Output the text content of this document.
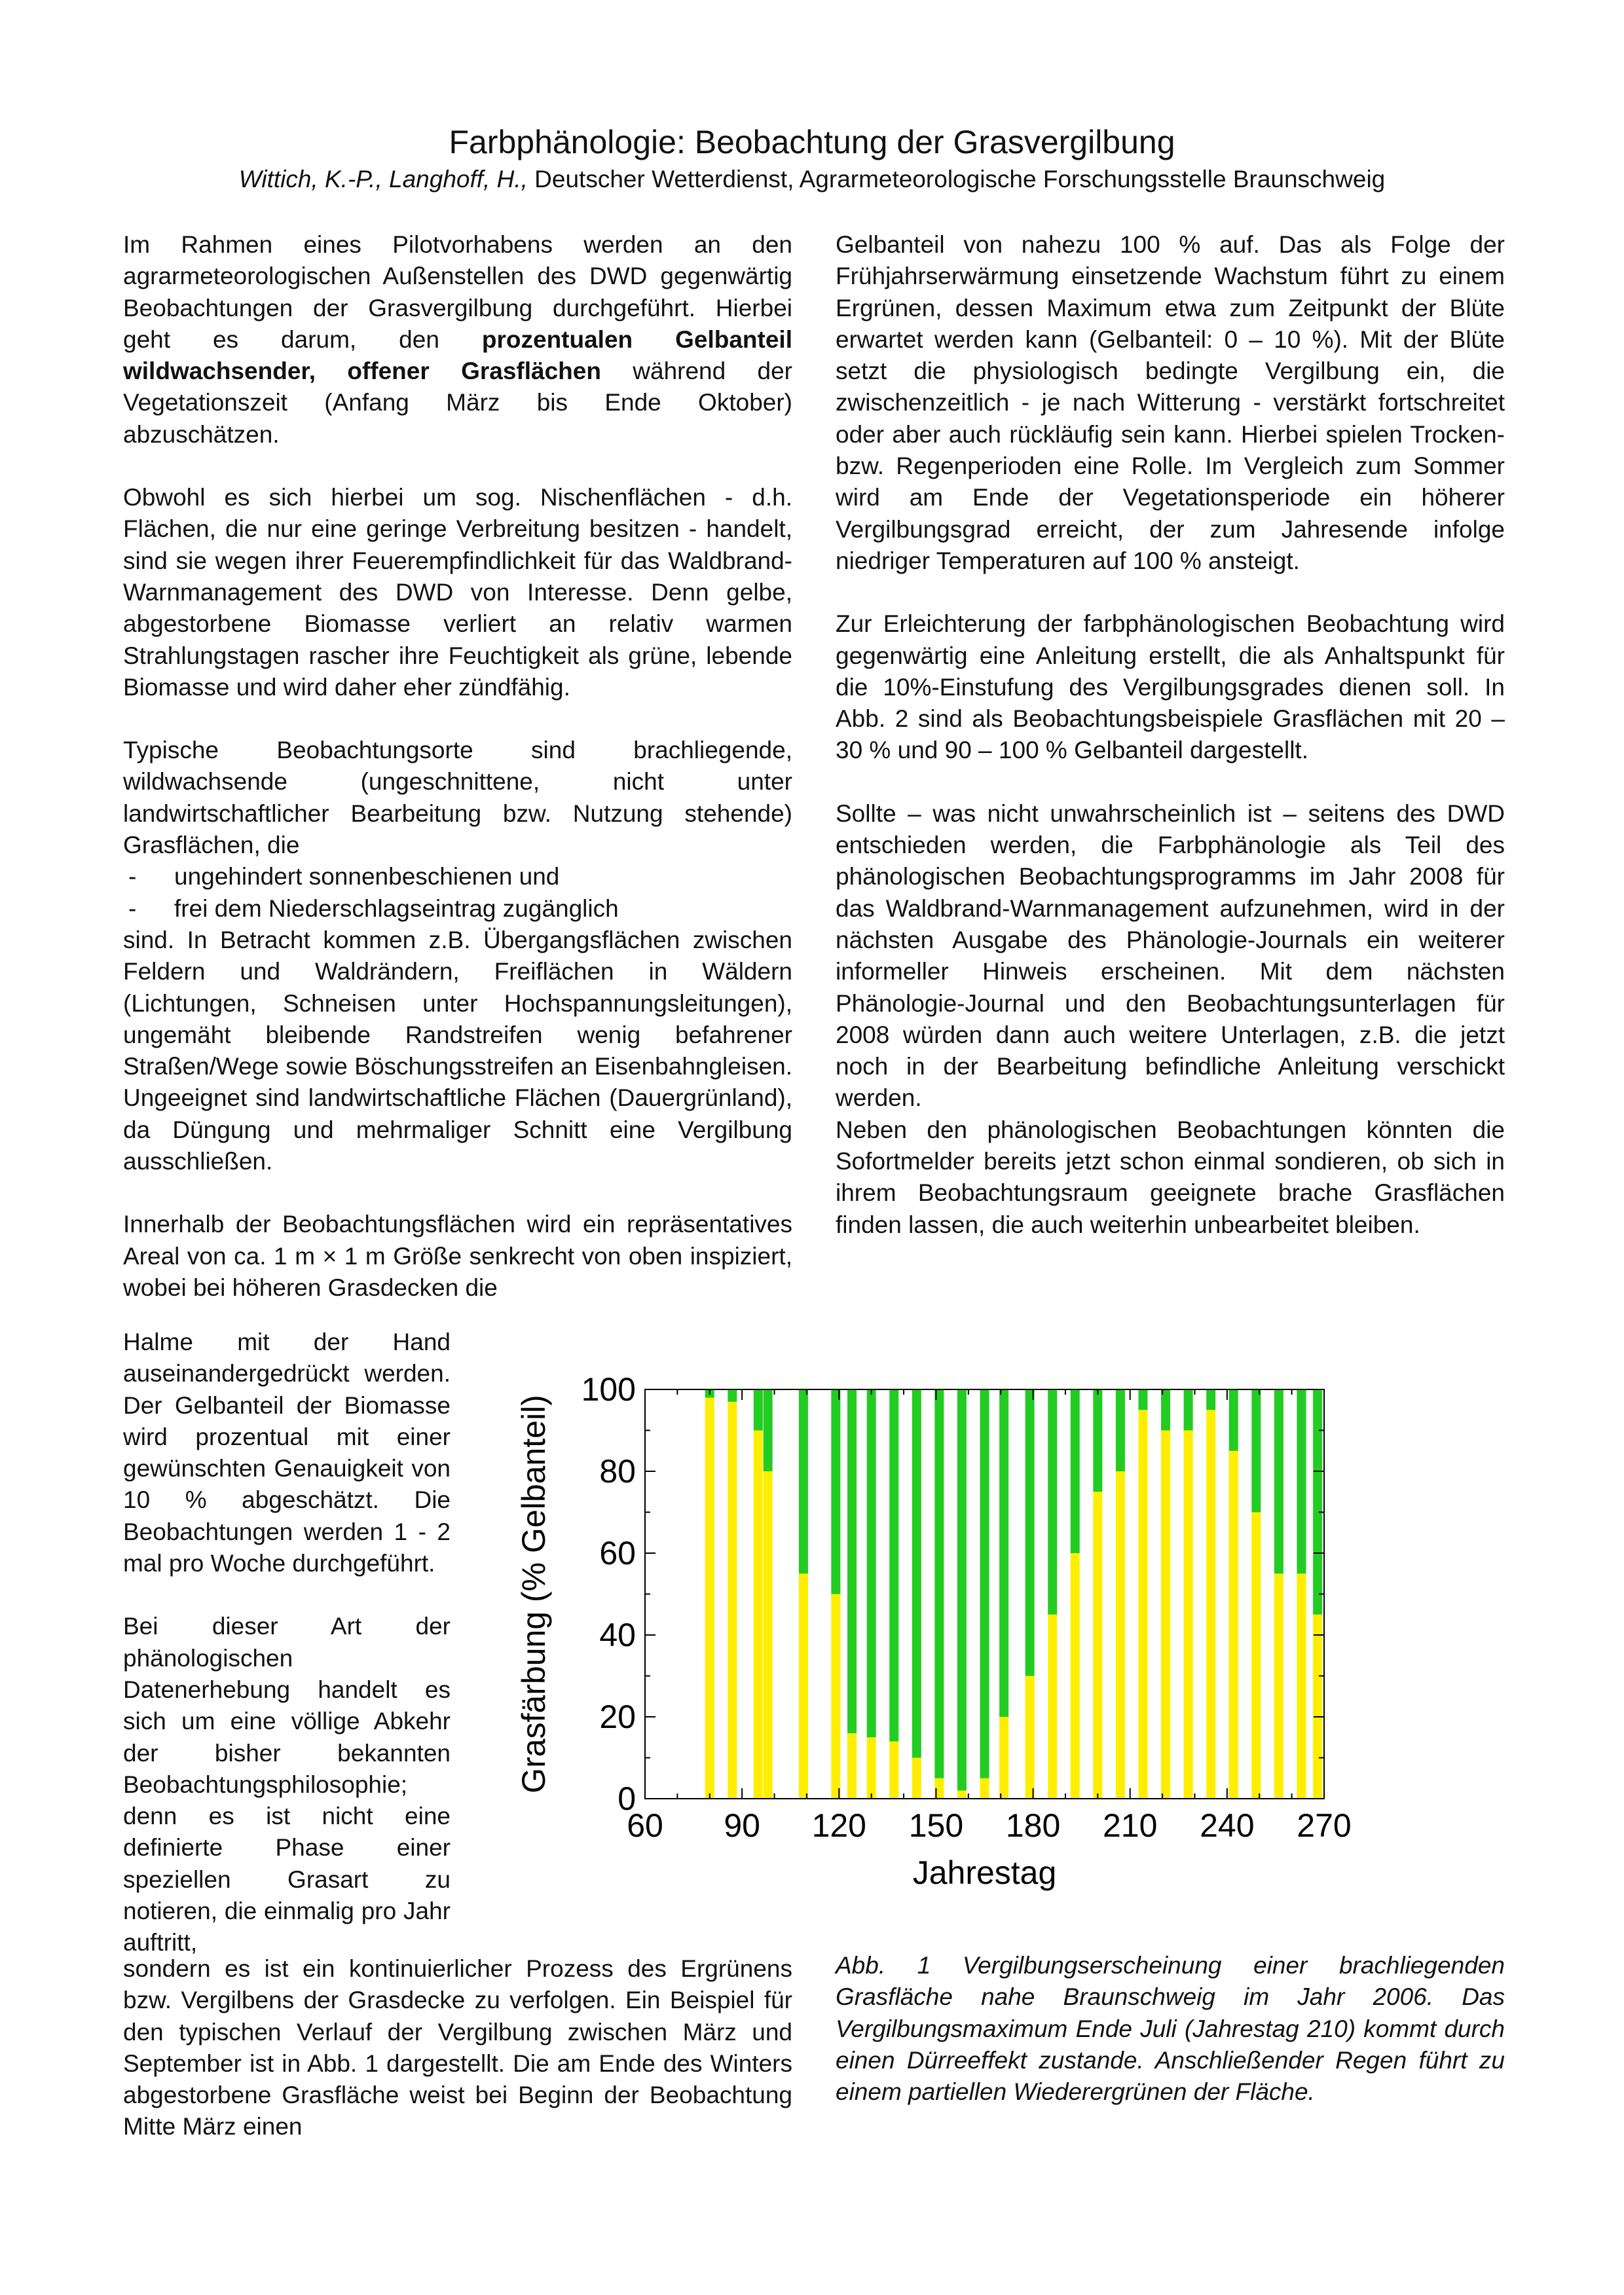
Farbphänologie: Beobachtung der Grasvergilbung
Wittich, K.-P., Langhoff, H., Deutscher Wetterdienst, Agrarmeteorologische Forschungsstelle Braunschweig

Im Rahmen eines Pilotvorhabens werden an den agrarmeteorologischen Außenstellen des DWD gegenwärtig Beobachtungen der Grasvergilbung durchgeführt. Hierbei geht es darum, den prozentualen Gelbanteil wildwachsender, offener Grasflächen während der Vegetationszeit (Anfang März bis Ende Oktober) abzuschätzen.

Obwohl es sich hierbei um sog. Nischenflächen - d.h. Flächen, die nur eine geringe Verbreitung besitzen - handelt, sind sie wegen ihrer Feuerempfindlichkeit für das Waldbrand-Warnmanagement des DWD von Interesse. Denn gelbe, abgestorbene Biomasse verliert an relativ warmen Strahlungstagen rascher ihre Feuchtigkeit als grüne, lebende Biomasse und wird daher eher zündfähig.

Typische Beobachtungsorte sind brachliegende, wildwachsende (ungeschnittene, nicht unter landwirtschaftlicher Bearbeitung bzw. Nutzung stehende) Grasflächen, die

- ungehindert sonnenbeschienen und
- frei dem Niederschlagseintrag zugänglich

sind. In Betracht kommen z.B. Übergangsflächen zwischen Feldern und Waldrändern, Freiflächen in Wäldern (Lichtungen, Schneisen unter Hochspannungsleitungen), ungemäht bleibende Randstreifen wenig befahrener Straßen/Wege sowie Böschungsstreifen an Eisenbahngleisen. Ungeeignet sind landwirtschaftliche Flächen (Dauergrünland), da Düngung und mehrmaliger Schnitt eine Vergilbung ausschließen.

Innerhalb der Beobachtungsflächen wird ein repräsentatives Areal von ca. 1 m × 1 m Größe senkrecht von oben inspiziert, wobei bei höheren Grasdecken die

Halme mit der Hand auseinandergedrückt werden. Der Gelbanteil der Biomasse wird prozentual mit einer gewünschten Genauigkeit von 10 % abgeschätzt. Die Beobachtungen werden 1 - 2 mal pro Woche durchgeführt.

Bei dieser Art der phänologischen Datenerhebung handelt es sich um eine völlige Abkehr der bisher bekannten Beobachtungsphilosophie; denn es ist nicht eine definierte Phase einer speziellen Grasart zu notieren, die einmalig pro Jahr auftritt,

sondern es ist ein kontinuierlicher Prozess des Ergrünens bzw. Vergilbens der Grasdecke zu verfolgen. Ein Beispiel für den typischen Verlauf der Vergilbung zwischen März und September ist in Abb. 1 dargestellt. Die am Ende des Winters abgestorbene Grasfläche weist bei Beginn der Beobachtung Mitte März einen

Gelbanteil von nahezu 100 % auf. Das als Folge der Frühjahrserwärmung einsetzende Wachstum führt zu einem Ergrünen, dessen Maximum etwa zum Zeitpunkt der Blüte erwartet werden kann (Gelbanteil: 0 – 10 %). Mit der Blüte setzt die physiologisch bedingte Vergilbung ein, die zwischenzeitlich - je nach Witterung - verstärkt fortschreitet oder aber auch rückläufig sein kann. Hierbei spielen Trocken- bzw. Regenperioden eine Rolle. Im Vergleich zum Sommer wird am Ende der Vegetationsperiode ein höherer Vergilbungsgrad erreicht, der zum Jahresende infolge niedriger Temperaturen auf 100 % ansteigt.

Zur Erleichterung der farbphänologischen Beobachtung wird gegenwärtig eine Anleitung erstellt, die als Anhaltspunkt für die 10%-Einstufung des Vergilbungsgrades dienen soll. In Abb. 2 sind als Beobachtungsbeispiele Grasflächen mit 20 – 30 % und 90 – 100 % Gelbanteil dargestellt.

Sollte – was nicht unwahrscheinlich ist – seitens des DWD entschieden werden, die Farbphänologie als Teil des phänologischen Beobachtungsprogramms im Jahr 2008 für das Waldbrand-Warnmanagement aufzunehmen, wird in der nächsten Ausgabe des Phänologie-Journals ein weiterer informeller Hinweis erscheinen. Mit dem nächsten Phänologie-Journal und den Beobachtungsunterlagen für 2008 würden dann auch weitere Unterlagen, z.B. die jetzt noch in der Bearbeitung befindliche Anleitung verschickt werden.

Neben den phänologischen Beobachtungen könnten die Sofortmelder bereits jetzt schon einmal sondieren, ob sich in ihrem Beobachtungsraum geeignete brache Grasflächen finden lassen, die auch weiterhin unbearbeitet bleiben.

0
20
40
60
80
100
60 90 120 150 180 210 240 270
Jahrestag
Grasfärbung (% Gelbanteil)
Abb. 1 Vergilbungserscheinung einer brachliegenden Grasfläche nahe Braunschweig im Jahr 2006. Das Vergilbungsmaximum Ende Juli (Jahrestag 210) kommt durch einen Dürreeffekt zustande. Anschließender Regen führt zu einem partiellen Wiederergrünen der Fläche.
